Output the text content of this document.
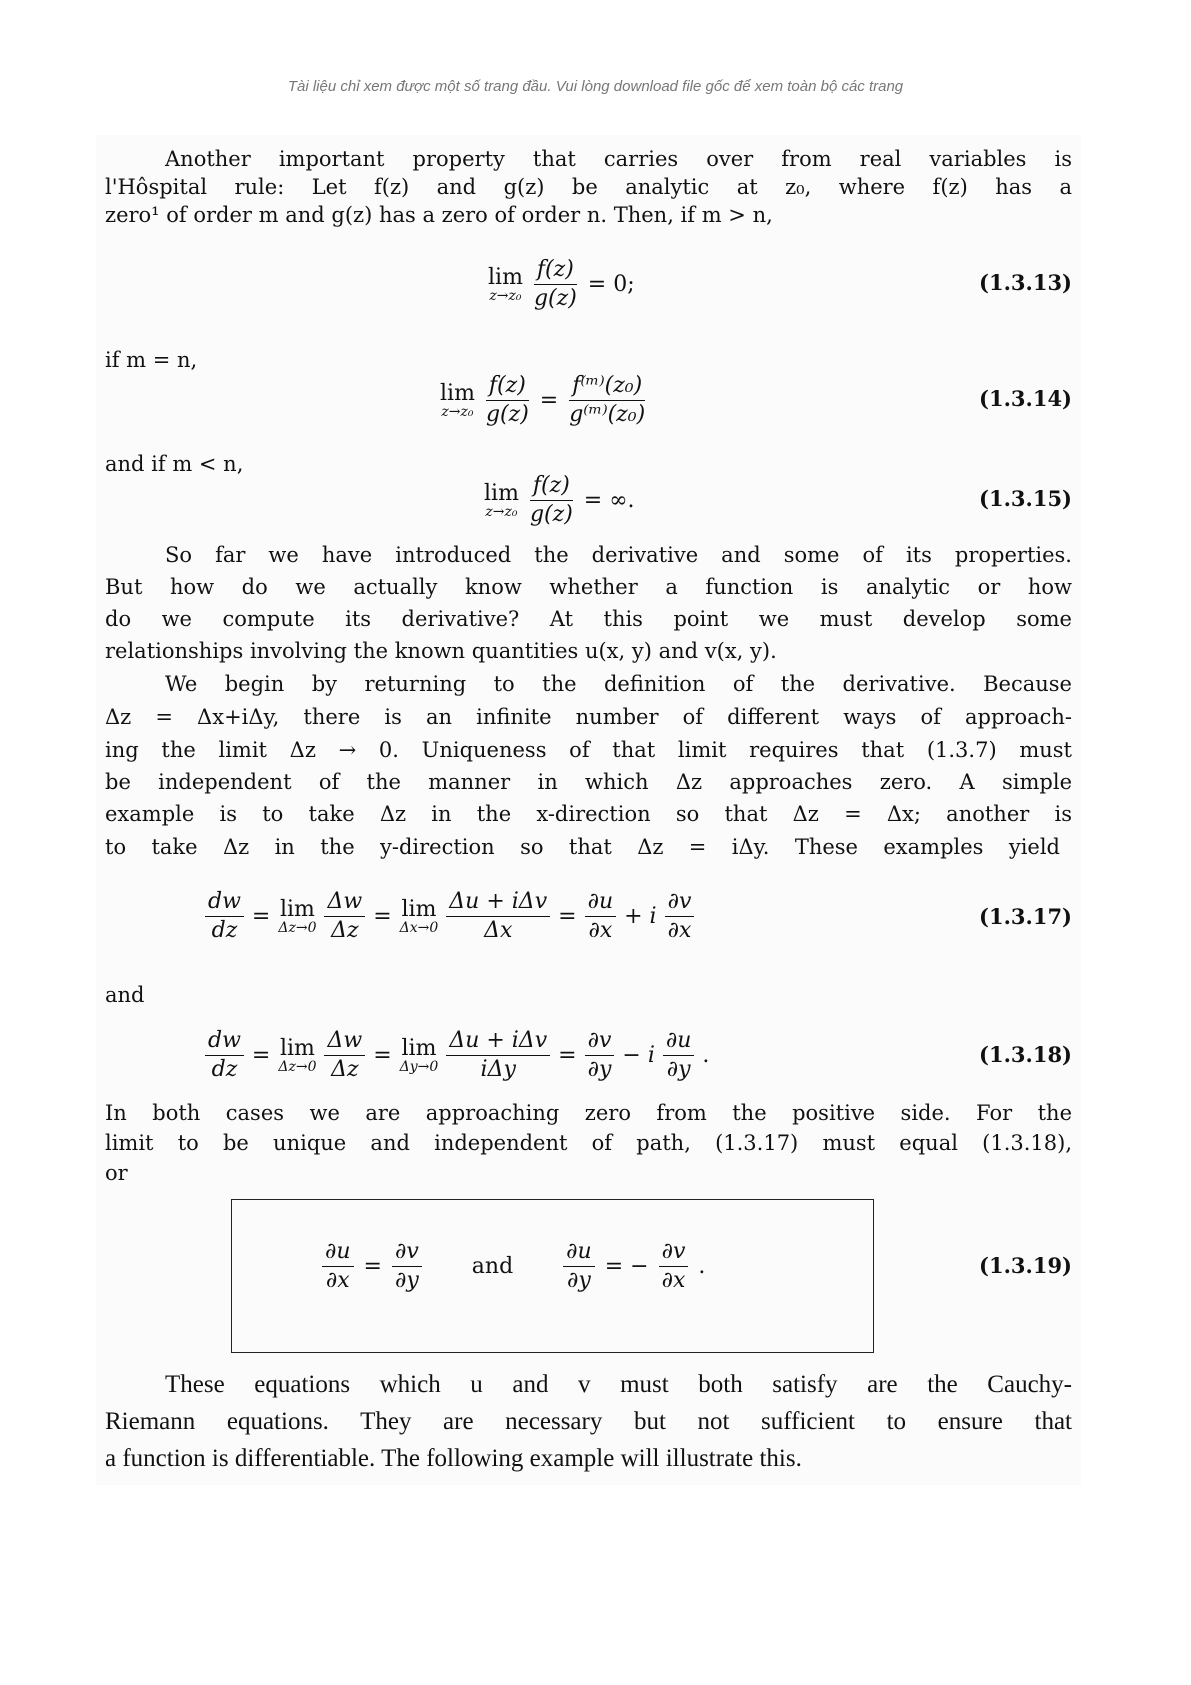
Tài liệu chỉ xem được một số trang đầu. Vui lòng download file gốc để xem toàn bộ các trang
Another important property that carries over from real variables is
l'Hôspital rule: Let f(z) and g(z) be analytic at z₀, where f(z) has a
zero¹ of order m and g(z) has a zero of order n. Then, if m > n,
lim
$z\to z_0 \frac{f(z)}{g(z)} = 0$;	(1.3.13)
if m = n,
lim
$z\to z_0 \frac{f(z)}{g(z)} = \frac{\text{f⁽ᵐ⁾(z₀)}}{\text{g⁽ᵐ⁾(z₀)}}$	(1.3.14)
and if m < n,
lim
$z\to z_0 \frac{f(z)}{g(z)}$ = ∞.	(1.3.15)
So far we have introduced the derivative and some of its properties.
But how do we actually know whether a function is analytic or how
do we compute its derivative? At this point we must develop some
relationships involving the known quantities u(x, y) and v(x, y).
We begin by returning to the definition of the derivative. Because
Δz = Δx+iΔy, there is an infinite number of different ways of approach-
ing the limit Δz → 0. Uniqueness of that limit requires that (1.3.7) must
be independent of the manner in which Δz approaches zero. A simple
example is to take Δz in the x-direction so that Δz = Δx; another is
to take Δz in the y-direction so that Δz = iΔy. These examples yield
$\frac{dw}{dz} = \lim$
$\Delta z\to 0 \frac{\Delta w}{\Delta z} = \lim$
$\Delta x\to 0 \frac{\text{Δu + iΔv}}{\Delta x} = \frac{\partial u}{\partial x} + i \frac{\partial v}{\partial x}$	(1.3.17)
and
$\frac{dw}{dz} = \lim$
$\Delta z\to 0 \frac{\Delta w}{\Delta z} = \lim$
$\Delta y\to 0 \frac{\text{Δu + iΔv}}{\text{iΔy}} = \frac{\partial v}{\partial y} - i \frac{\partial u}{\partial y}$ .	(1.3.18)
In both cases we are approaching zero from the positive side. For the
limit to be unique and independent of path, (1.3.17) must equal (1.3.18),
or
$\frac{\partial u}{\partial x} = \frac{\partial v}{\partial y}$ and $\frac{\partial u}{\partial y}$ = − $\frac{\partial v}{\partial x}$ .	(1.3.19)
These equations which u and v must both satisfy are the Cauchy-
Riemann equations. They are necessary but not sufficient to ensure that
a function is differentiable. The following example will illustrate this.
